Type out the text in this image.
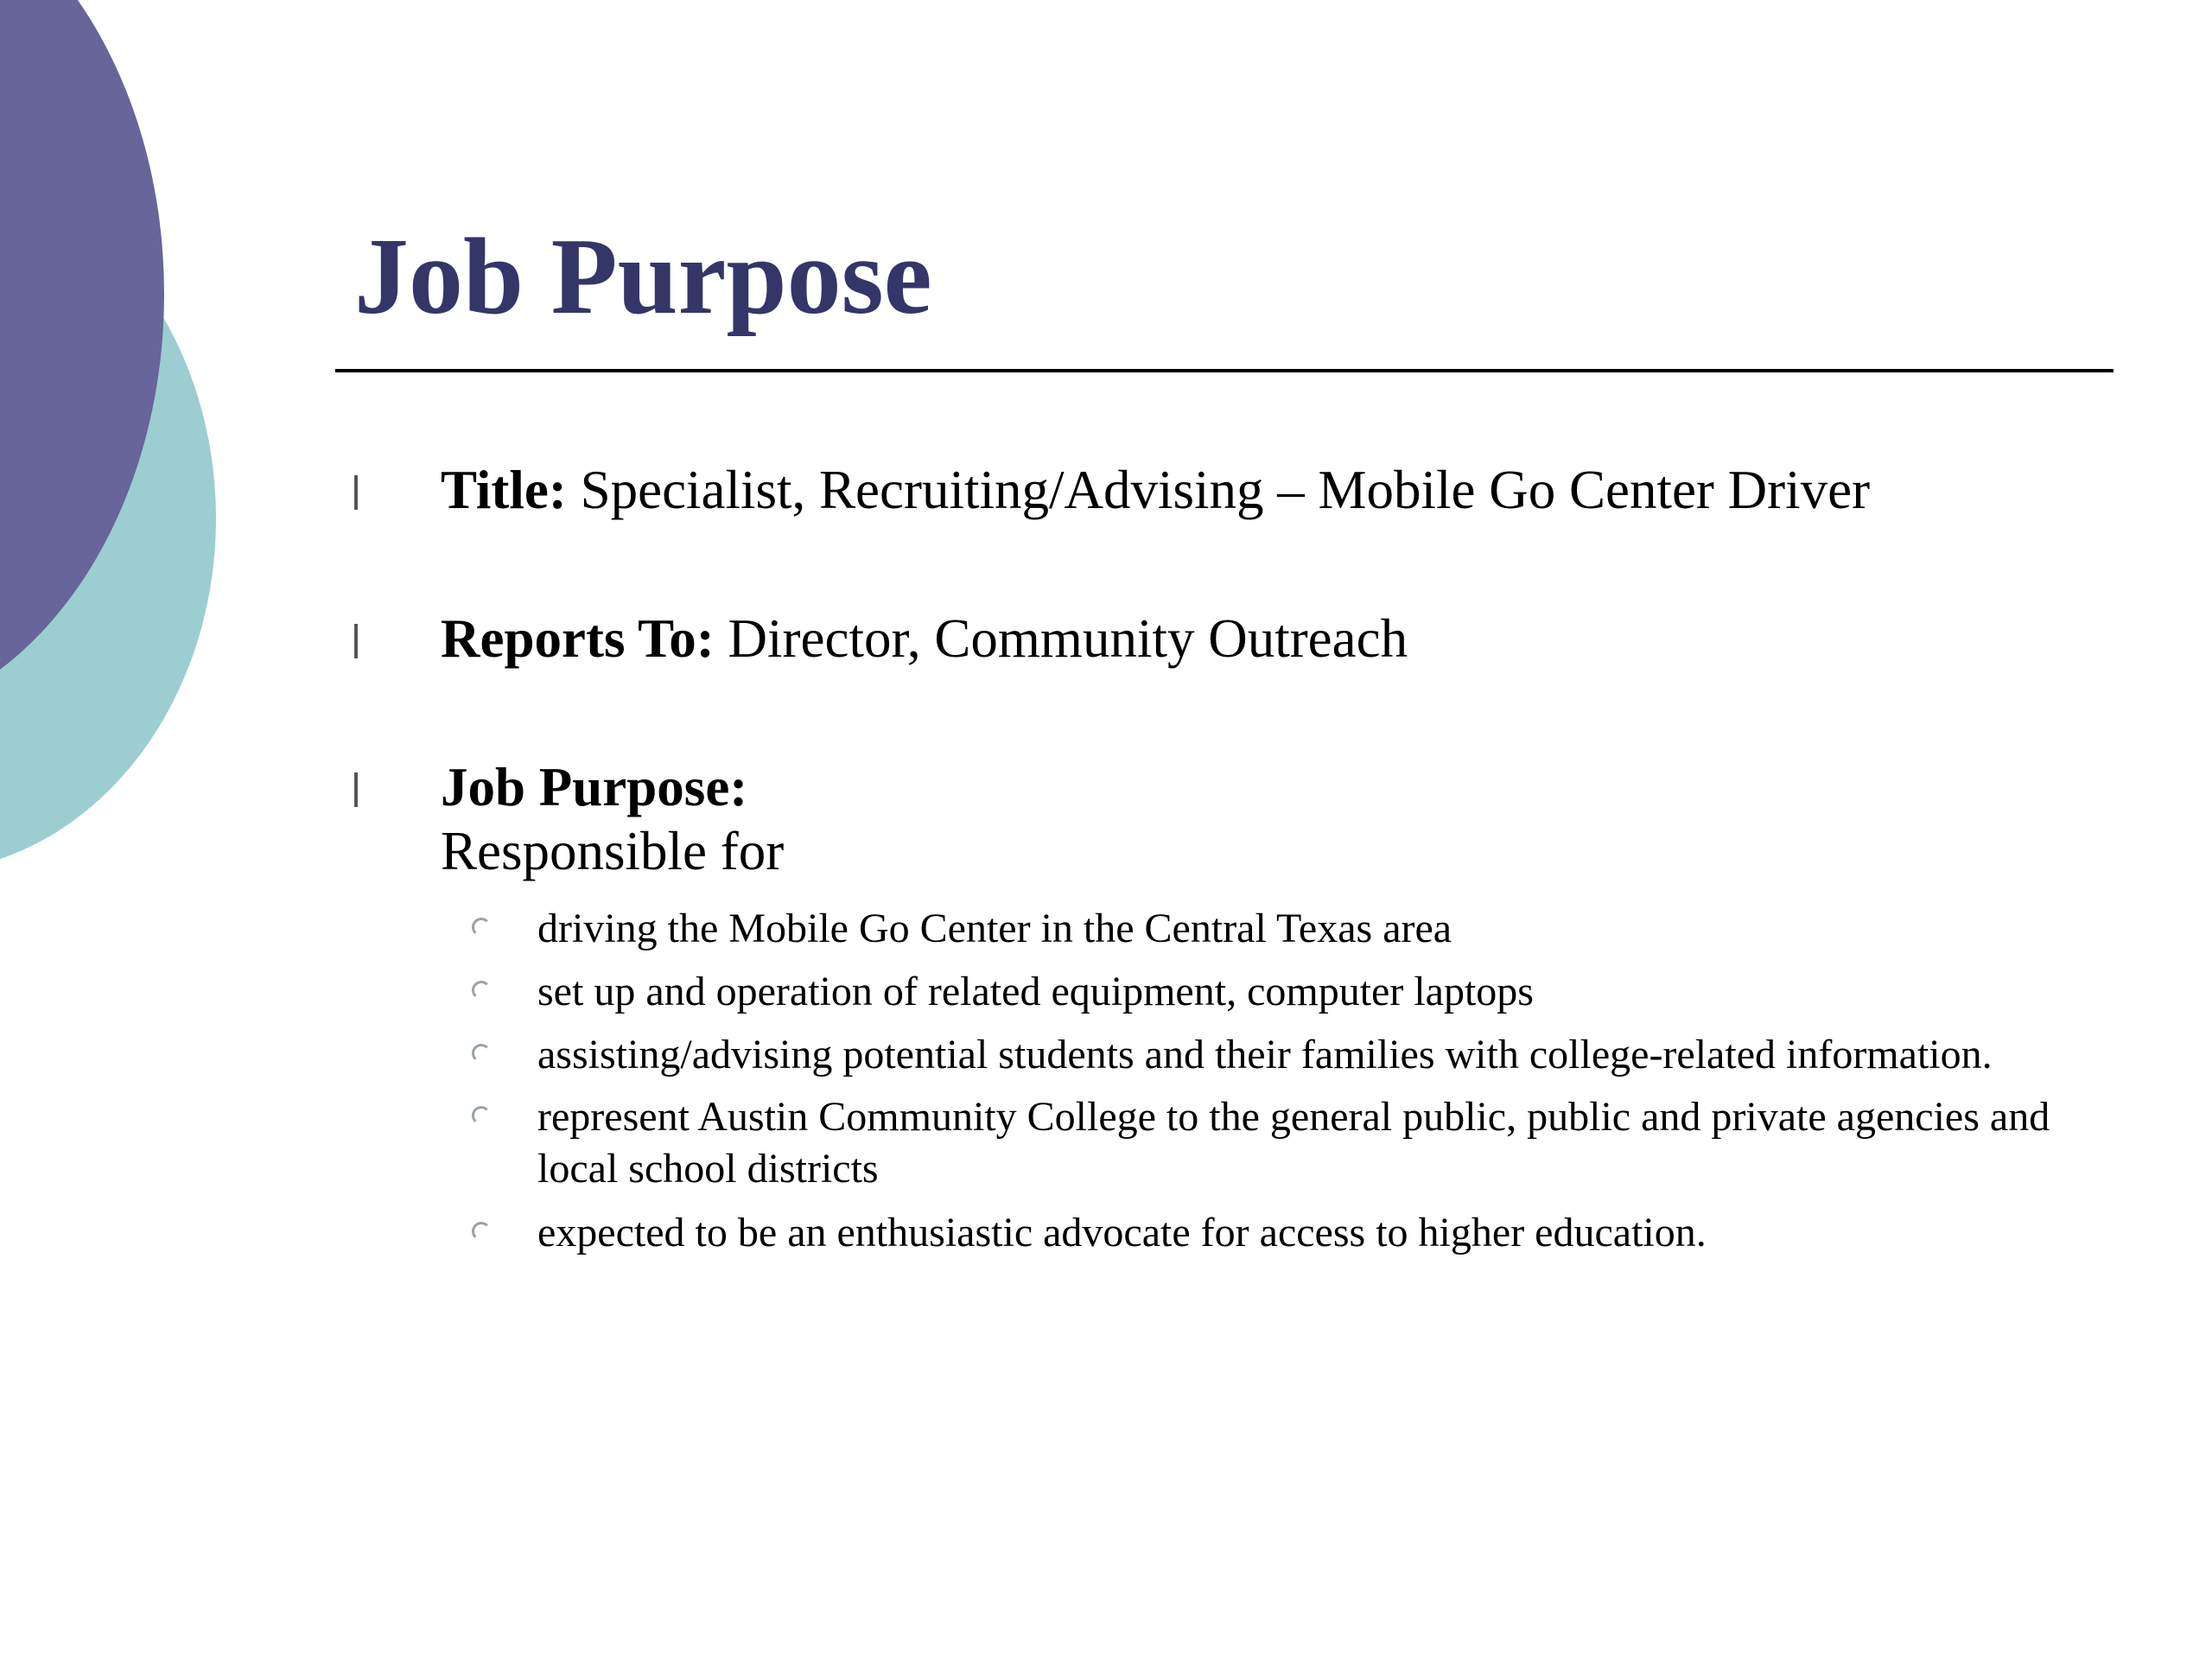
Job Purpose
Title: Specialist, Recruiting/Advising – Mobile Go Center Driver
Reports To: Director, Community Outreach
Job Purpose:
Responsible for
driving the Mobile Go Center in the Central Texas area
set up and operation of related equipment, computer laptops
assisting/advising potential students and their families with college-related information.
represent Austin Community College to the general public, public and private agencies and local school districts
expected to be an enthusiastic advocate for access to higher education.
